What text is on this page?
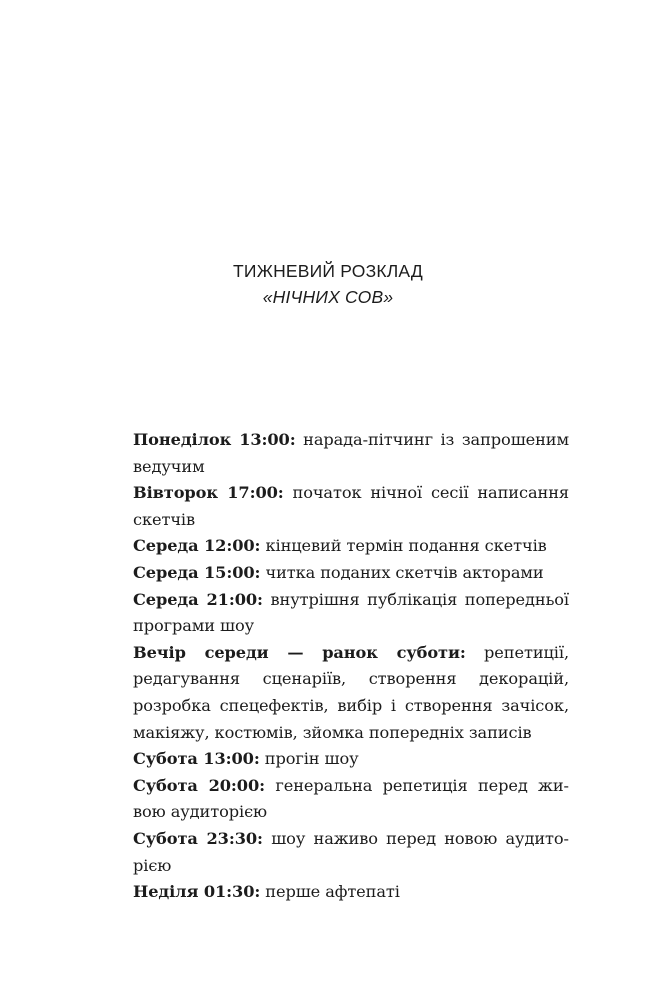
ТИЖНЕВИЙ РОЗКЛАД
«НІЧНИХ СОВ»

Понеділок 13:00: нарада-пітчинг із запрошеним ведучим

Вівторок 17:00: початок нічної сесії написання скетчів

Середа 12:00: кінцевий термін подання скетчів

Середа 15:00: читка поданих скетчів акторами

Середа 21:00: внутрішня публікація попередньої програми шоу

Вечір середи — ранок суботи: репетиції, редагування сценаріїв, створення декорацій, розробка спецефектів, вибір і створення зачісок, макіяжу, костюмів, зйомка попередніх записів

Субота 13:00: прогін шоу

Субота 20:00: генеральна репетиція перед живою аудиторією

Субота 23:30: шоу наживо перед новою аудиторією

Неділя 01:30: перше афтепаті
